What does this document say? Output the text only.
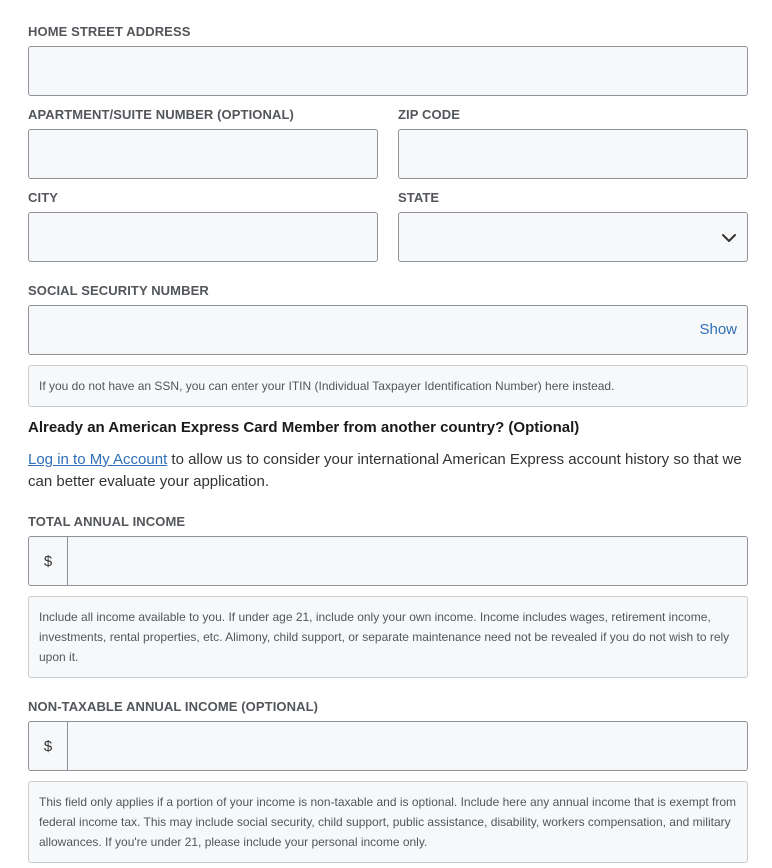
HOME STREET ADDRESS
APARTMENT/SUITE NUMBER (OPTIONAL)	ZIP CODE
CITY	STATE
SOCIAL SECURITY NUMBER
Show
If you do not have an SSN, you can enter your ITIN (Individual Taxpayer Identification Number) here instead.
Already an American Express Card Member from another country? (Optional)
Log in to My Account to allow us to consider your international American Express account history so that we can better evaluate your application.
TOTAL ANNUAL INCOME
$
Include all income available to you. If under age 21, include only your own income. Income includes wages, retirement income, investments, rental properties, etc. Alimony, child support, or separate maintenance need not be revealed if you do not wish to rely upon it.
NON-TAXABLE ANNUAL INCOME (OPTIONAL)
$
This field only applies if a portion of your income is non-taxable and is optional. Include here any annual income that is exempt from federal income tax. This may include social security, child support, public assistance, disability, workers compensation, and military allowances. If you're under 21, please include your personal income only.
